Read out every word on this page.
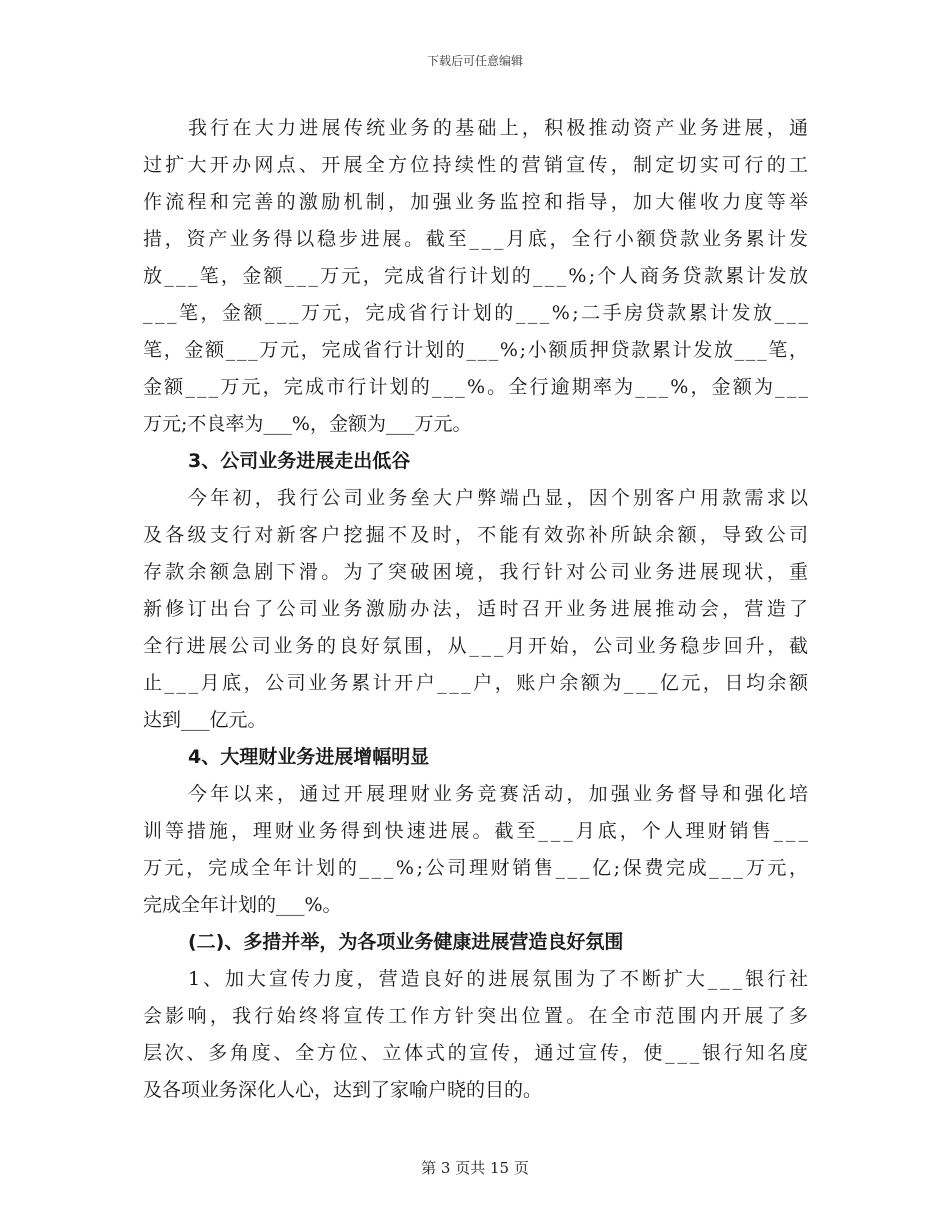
下载后可任意编辑
我行在大力进展传统业务的基础上，积极推动资产业务进展，通
过扩大开办网点、开展全方位持续性的营销宣传，制定切实可行的工
作流程和完善的激励机制，加强业务监控和指导，加大催收力度等举
措，资产业务得以稳步进展。截至___月底，全行小额贷款业务累计发
放___笔，金额___万元，完成省行计划的___%;个人商务贷款累计发放
___笔，金额___万元，完成省行计划的___%;二手房贷款累计发放___
笔，金额___万元，完成省行计划的___%;小额质押贷款累计发放___笔，
金额___万元，完成市行计划的___%。全行逾期率为___%，金额为___
万元;不良率为___%，金额为___万元。
3、公司业务进展走出低谷
今年初，我行公司业务垒大户弊端凸显，因个别客户用款需求以
及各级支行对新客户挖掘不及时，不能有效弥补所缺余额，导致公司
存款余额急剧下滑。为了突破困境，我行针对公司业务进展现状，重
新修订出台了公司业务激励办法，适时召开业务进展推动会，营造了
全行进展公司业务的良好氛围，从___月开始，公司业务稳步回升，截
止___月底，公司业务累计开户___户，账户余额为___亿元，日均余额
达到___亿元。
4、大理财业务进展增幅明显
今年以来，通过开展理财业务竞赛活动，加强业务督导和强化培
训等措施，理财业务得到快速进展。截至___月底，个人理财销售___
万元，完成全年计划的___%;公司理财销售___亿;保费完成___万元，
完成全年计划的___%。
(二)、多措并举，为各项业务健康进展营造良好氛围
1、加大宣传力度，营造良好的进展氛围为了不断扩大___银行社
会影响，我行始终将宣传工作方针突出位置。在全市范围内开展了多
层次、多角度、全方位、立体式的宣传，通过宣传，使___银行知名度
及各项业务深化人心，达到了家喻户晓的目的。
第 3 页共 15 页
